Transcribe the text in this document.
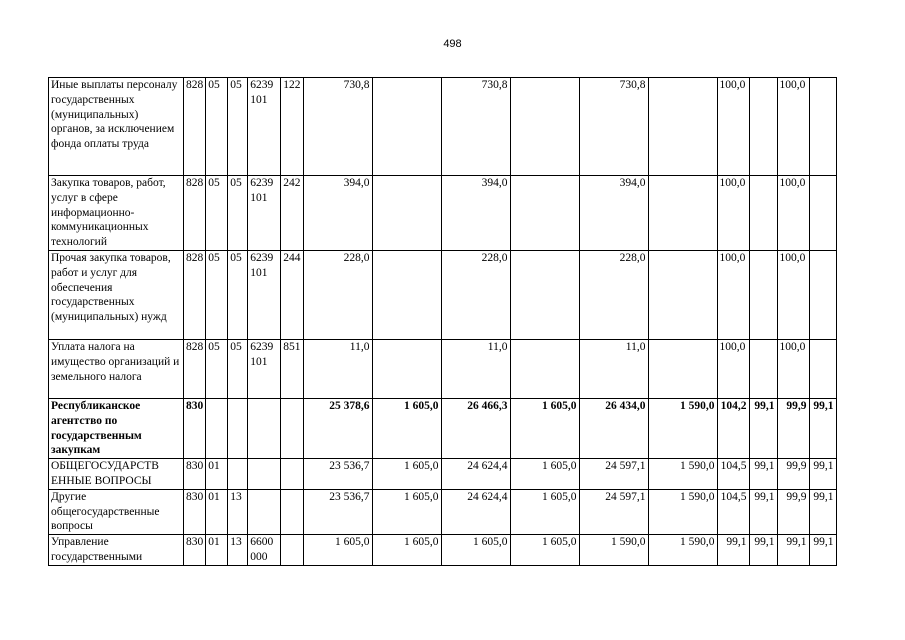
498
Иные выплаты персоналу государственных (муниципальных) органов, за исключением фонда оплаты труда	828	05	05	6239 101	122	730,8		730,8		730,8		100,0		100,0	
Закупка товаров, работ, услуг в сфере информационно-коммуникационных технологий	828	05	05	6239 101	242	394,0		394,0		394,0		100,0		100,0	
Прочая закупка товаров, работ и услуг для обеспечения государственных (муниципальных) нужд	828	05	05	6239 101	244	228,0		228,0		228,0		100,0		100,0	
Уплата налога на имущество организаций и земельного налога	828	05	05	6239 101	851	11,0		11,0		11,0		100,0		100,0	
Республиканское агентство по государственным закупкам	830					25 378,6	1 605,0	26 466,3	1 605,0	26 434,0	1 590,0	104,2	99,1	99,9	99,1
ОБЩЕГОСУДАРСТВ ЕННЫЕ ВОПРОСЫ	830	01				23 536,7	1 605,0	24 624,4	1 605,0	24 597,1	1 590,0	104,5	99,1	99,9	99,1
Другие общегосударственные вопросы	830	01	13			23 536,7	1 605,0	24 624,4	1 605,0	24 597,1	1 590,0	104,5	99,1	99,9	99,1
Управление государственными	830	01	13	6600 000		1 605,0	1 605,0	1 605,0	1 605,0	1 590,0	1 590,0	99,1	99,1	99,1	99,1
